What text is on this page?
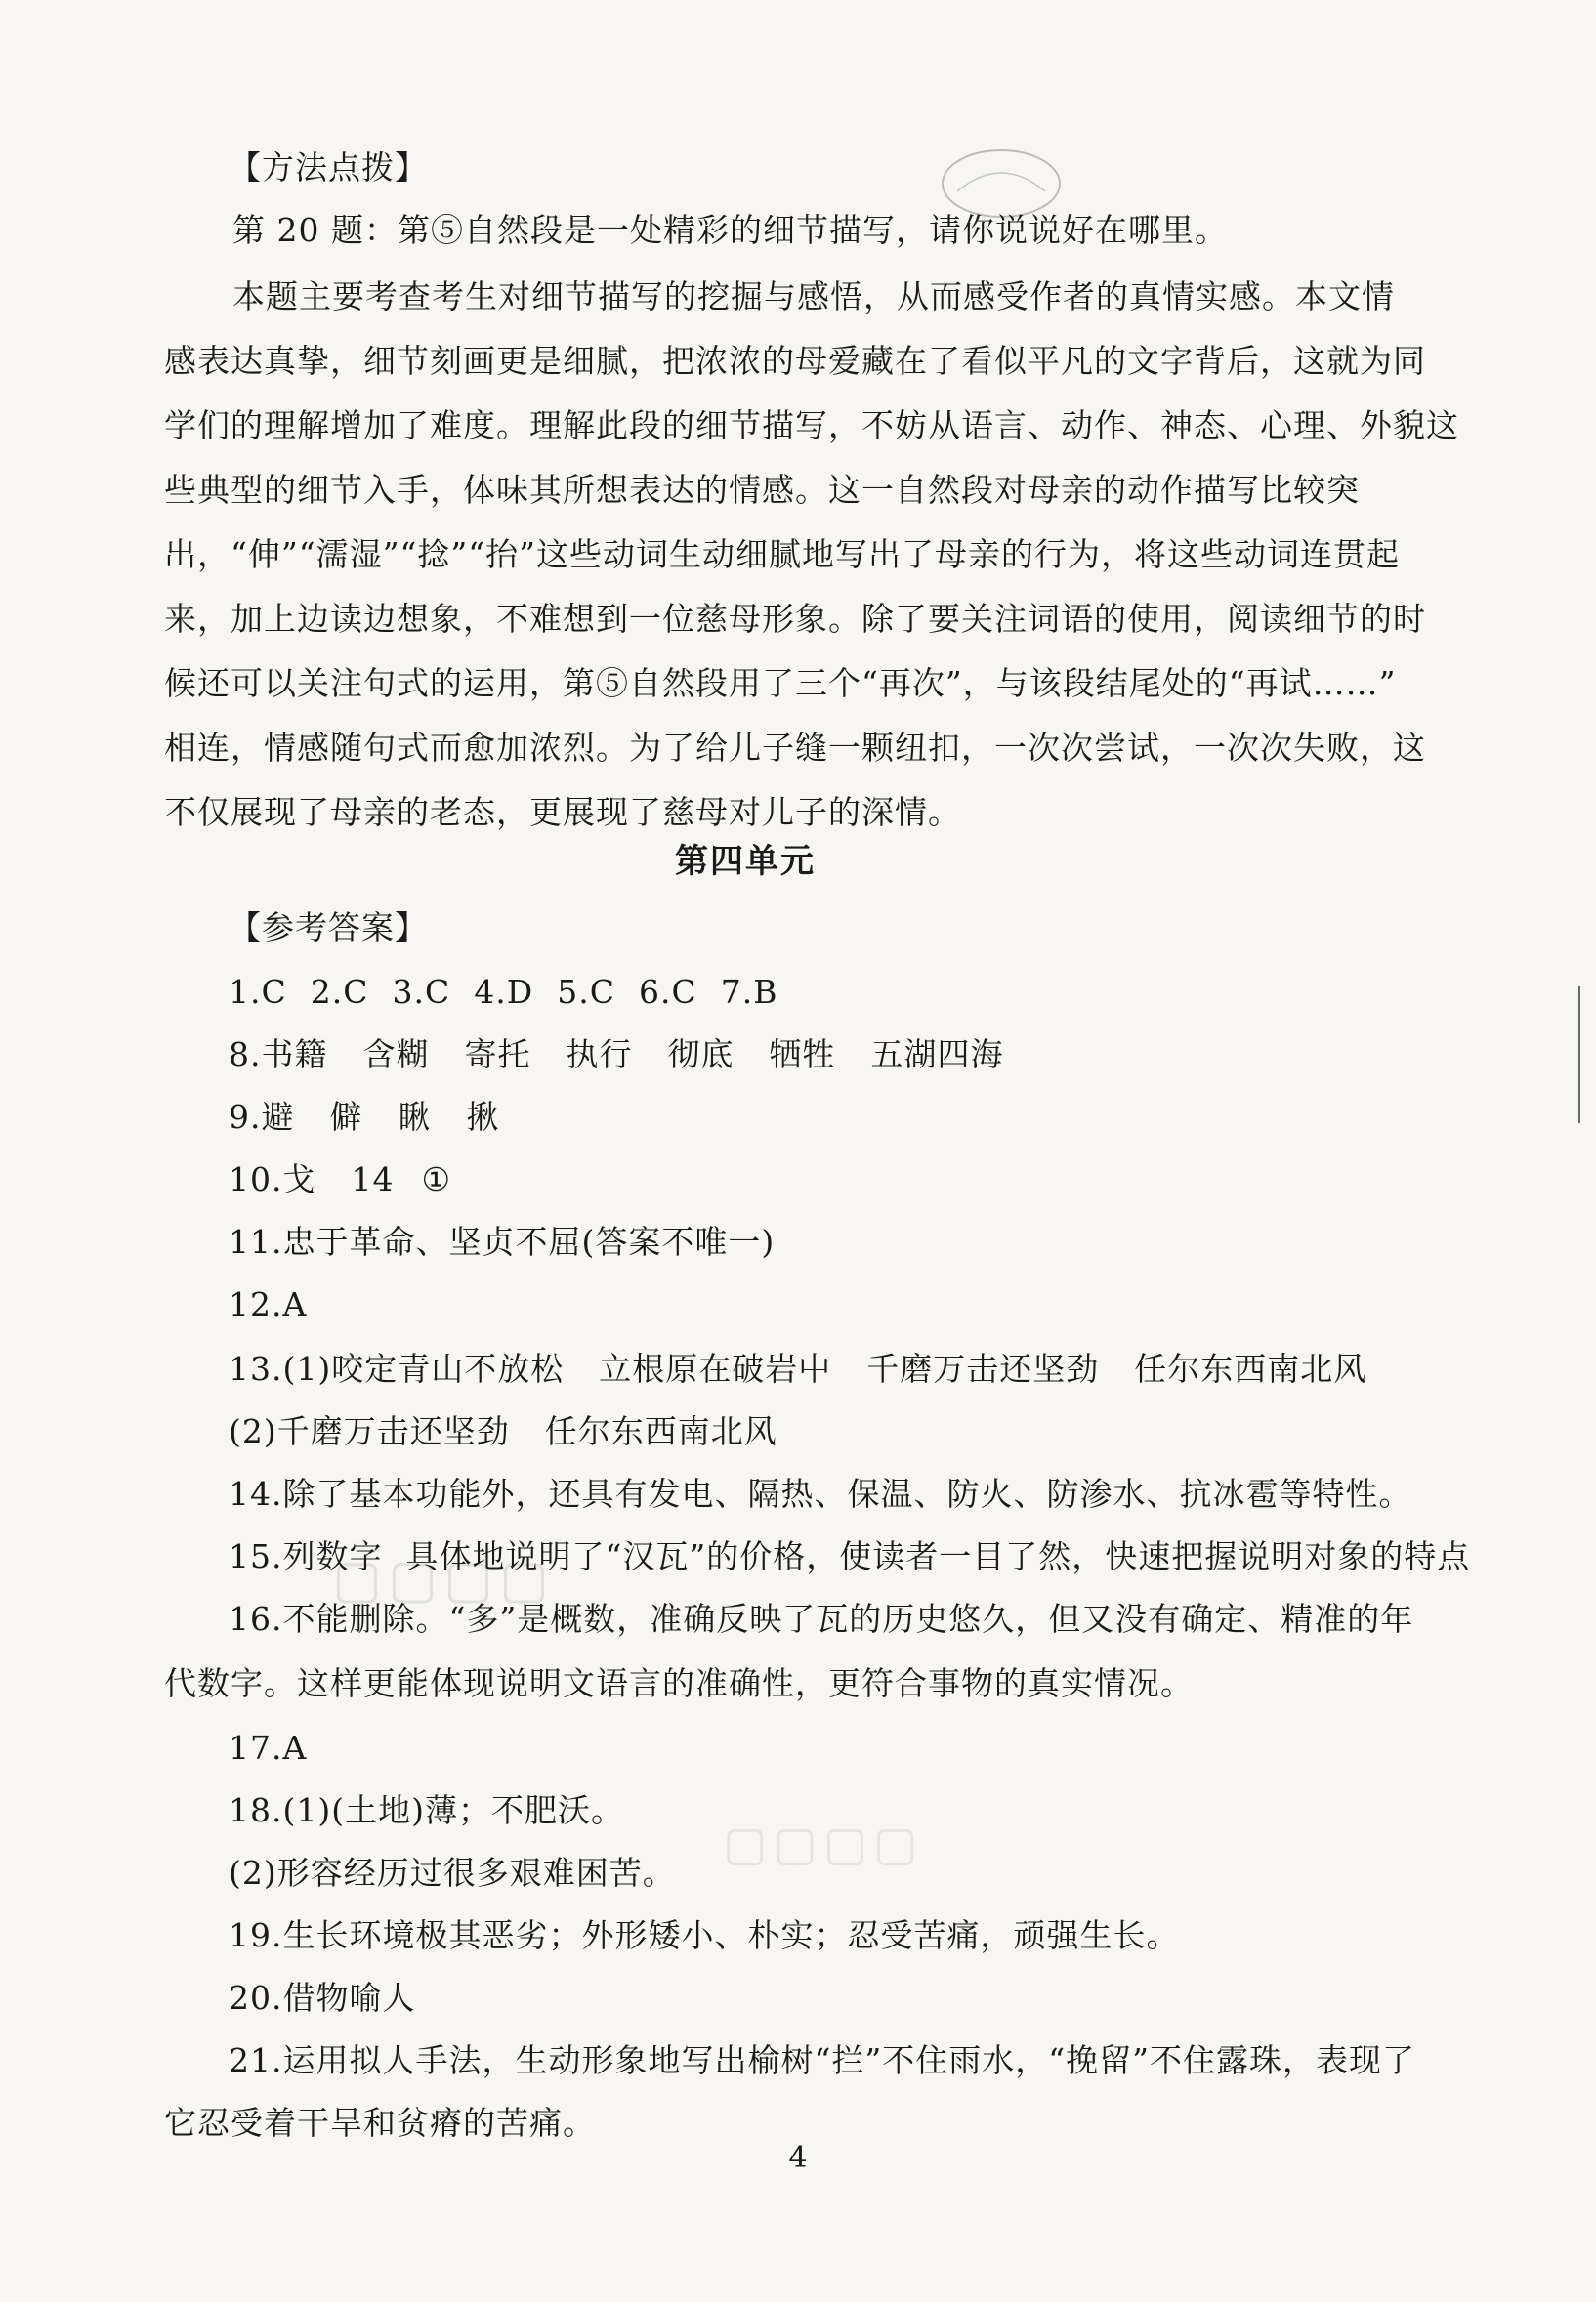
▢▢▢▢
▢▢▢▢
【方法点拨】
第 20 题：第⑤自然段是一处精彩的细节描写，请你说说好在哪里。
本题主要考查考生对细节描写的挖掘与感悟，从而感受作者的真情实感。本文情
感表达真挚，细节刻画更是细腻，把浓浓的母爱藏在了看似平凡的文字背后，这就为同
学们的理解增加了难度。理解此段的细节描写，不妨从语言、动作、神态、心理、外貌这
些典型的细节入手，体味其所想表达的情感。这一自然段对母亲的动作描写比较突
出，“伸”“濡湿”“捻”“抬”这些动词生动细腻地写出了母亲的行为，将这些动词连贯起
来，加上边读边想象，不难想到一位慈母形象。除了要关注词语的使用，阅读细节的时
候还可以关注句式的运用，第⑤自然段用了三个“再次”，与该段结尾处的“再试……”
相连，情感随句式而愈加浓烈。为了给儿子缝一颗纽扣，一次次尝试，一次次失败，这
不仅展现了母亲的老态，更展现了慈母对儿子的深情。
第四单元
【参考答案】
1.C 2.C 3.C 4.D 5.C 6.C 7.B
8.书籍 含糊 寄托 执行 彻底 牺牲 五湖四海
9.避 僻 瞅 揪
10.戈 14 ①
11.忠于革命、坚贞不屈(答案不唯一)
12.A
13.(1)咬定青山不放松 立根原在破岩中 千磨万击还坚劲 任尔东西南北风
(2)千磨万击还坚劲 任尔东西南北风
14.除了基本功能外，还具有发电、隔热、保温、防火、防渗水、抗冰雹等特性。
15.列数字 具体地说明了“汉瓦”的价格，使读者一目了然，快速把握说明对象的特点
16.不能删除。“多”是概数，准确反映了瓦的历史悠久，但又没有确定、精准的年
代数字。这样更能体现说明文语言的准确性，更符合事物的真实情况。
17.A
18.(1)(土地)薄；不肥沃。
(2)形容经历过很多艰难困苦。
19.生长环境极其恶劣；外形矮小、朴实；忍受苦痛，顽强生长。
20.借物喻人
21.运用拟人手法，生动形象地写出榆树“拦”不住雨水，“挽留”不住露珠，表现了
它忍受着干旱和贫瘠的苦痛。
4
